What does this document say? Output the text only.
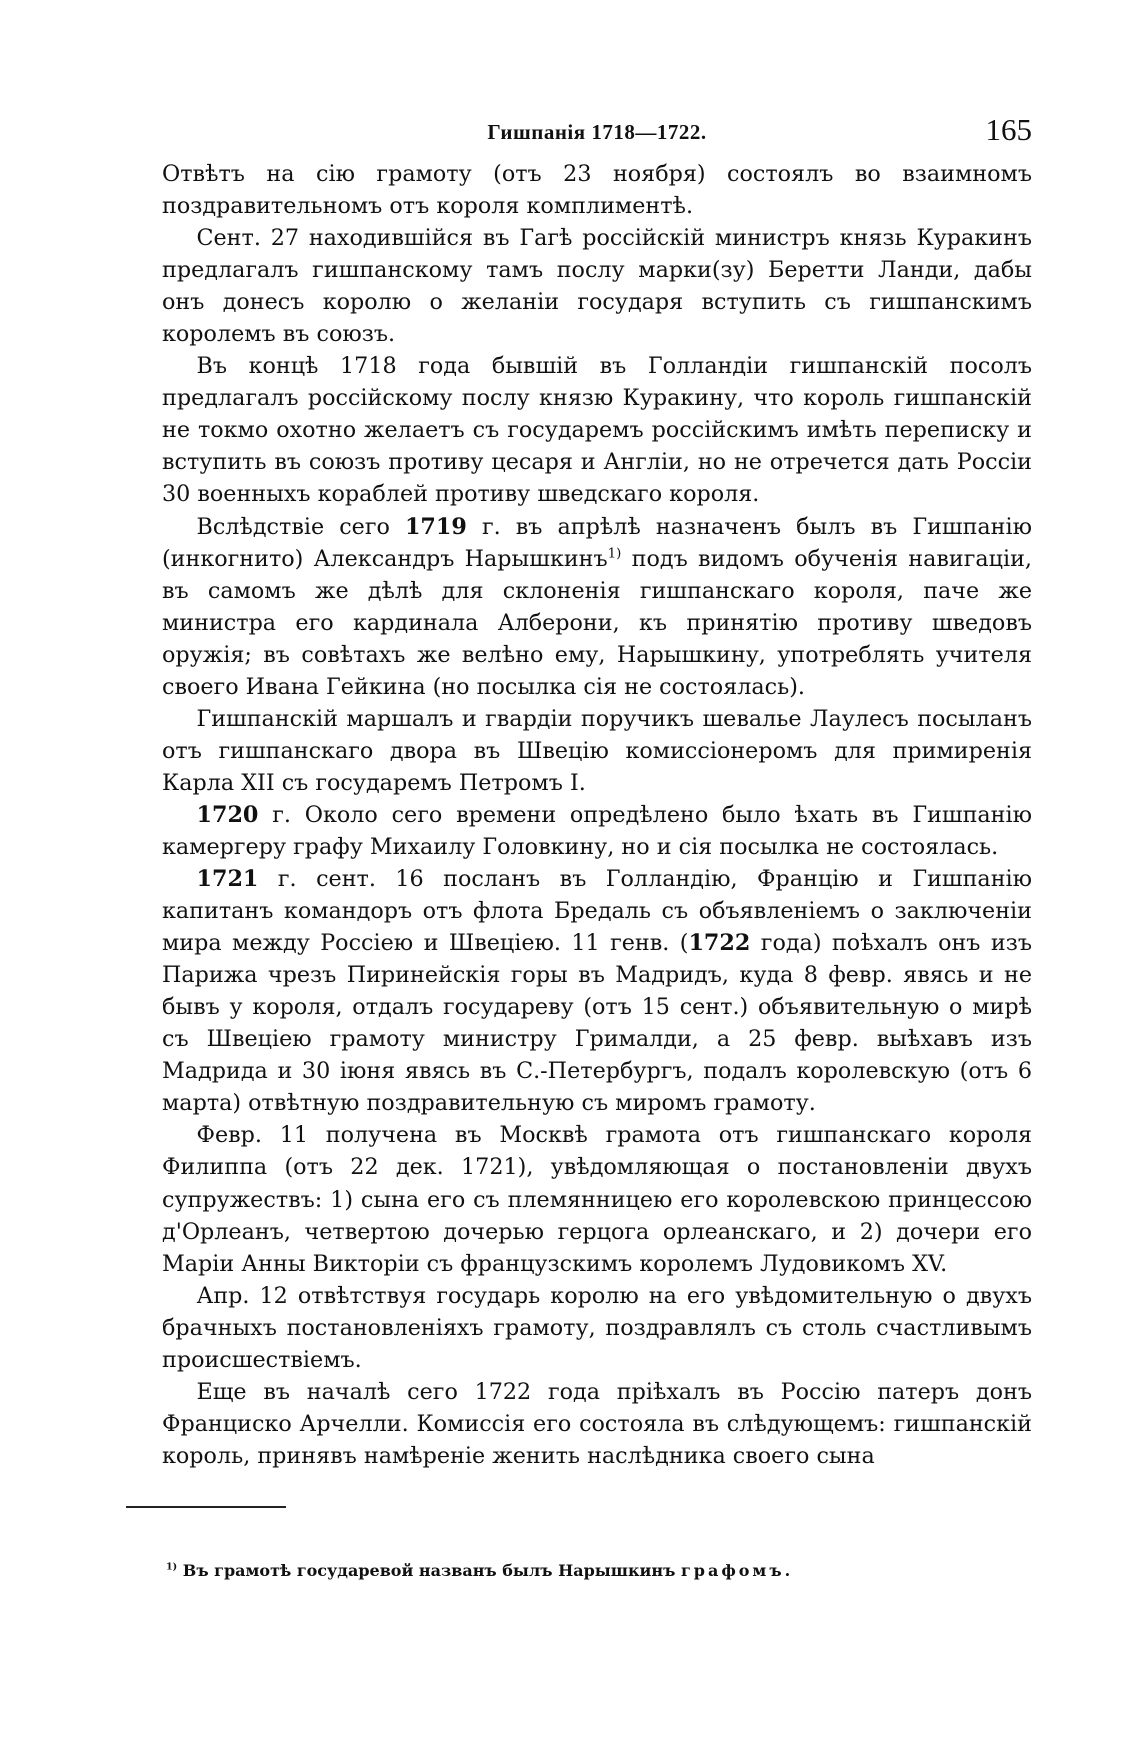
Гишпанія 1718—1722.	165

Отвѣтъ на сію грамоту (отъ 23 ноября) состоялъ во взаимномъ поздравительномъ отъ короля комплиментѣ.

Сент. 27 находившійся въ Гагѣ россійскій министръ князь Куракинъ предлагалъ гишпанскому тамъ послу марки(зу) Беретти Ланди, дабы онъ донесъ королю о желаніи государя вступить съ гишпанскимъ королемъ въ союзъ.

Въ концѣ 1718 года бывшій въ Голландіи гишпанскій посолъ предлагалъ россійскому послу князю Куракину, что король гишпанскій не токмо охотно желаетъ съ государемъ россійскимъ имѣть переписку и вступить въ союзъ противу цесаря и Англіи, но не отречется дать Россіи 30 военныхъ кораблей противу шведскаго короля.

Вслѣдствіе сего 1719 г. въ апрѣлѣ назначенъ былъ въ Гишпанію (инкогнито) Александръ Нарышкинъ$^{1)}$ подъ видомъ обученія навигаціи, въ самомъ же дѣлѣ для склоненія гишпанскаго короля, паче же министра его кардинала Алберони, къ принятію противу шведовъ оружія; въ совѣтахъ же велѣно ему, Нарышкину, употреблять учителя своего Ивана Гейкина (но посылка сія не состоялась).

Гишпанскій маршалъ и гвардіи поручикъ шевалье Лаулесъ посыланъ отъ гишпанскаго двора въ Швецію комиссіонеромъ для примиренія Карла XII съ государемъ Петромъ I.

1720 г. Около сего времени опредѣлено было ѣхать въ Гишпанію камергеру графу Михаилу Головкину, но и сія посылка не состоялась.

1721 г. сент. 16 посланъ въ Голландію, Францію и Гишпанію капитанъ командоръ отъ флота Бредаль съ объявленіемъ о заключеніи мира между Россіею и Швеціею. 11 генв. (1722 года) поѣхалъ онъ изъ Парижа чрезъ Пиринейскія горы въ Мадридъ, куда 8 февр. явясь и не бывъ у короля, отдалъ государеву (отъ 15 сент.) объявительную о мирѣ съ Швеціею грамоту министру Грималди, а 25 февр. выѣхавъ изъ Мадрида и 30 іюня явясь въ С.-Петербургъ, подалъ королевскую (отъ 6 марта) отвѣтную поздравительную съ миромъ грамоту.

Февр. 11 получена въ Москвѣ грамота отъ гишпанскаго короля Филиппа (отъ 22 дек. 1721), увѣдомляющая о постановленіи двухъ супружествъ: 1) сына его съ племянницею его королевскою принцессою д'Орлеанъ, четвертою дочерью герцога орлеанскаго, и 2) дочери его Маріи Анны Викторіи съ французскимъ королемъ Лудовикомъ XV.

Апр. 12 отвѣтствуя государь королю на его увѣдомительную о двухъ брачныхъ постановленіяхъ грамоту, поздравлялъ съ столь счастливымъ происшествіемъ.

Еще въ началѣ сего 1722 года пріѣхалъ въ Россію патеръ донъ Франциско Арчелли. Комиссія его состояла въ слѣдующемъ: гишпанскій король, принявъ намѣреніе женить наслѣдника своего сына

$^{1)}$ Въ грамотѣ государевой названъ былъ Нарышкинъ графомъ.
